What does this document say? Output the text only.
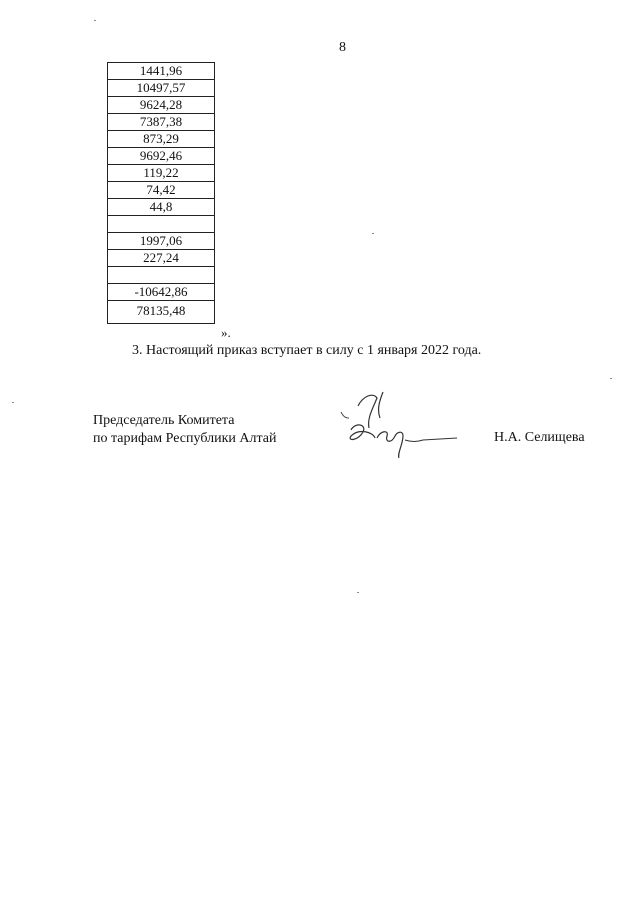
8
1441,96
10497,57
9624,28
7387,38
873,29
9692,46
119,22
74,42
44,8

1997,06
227,24

-10642,86
78135,48
».
3. Настоящий приказ вступает в силу с 1 января 2022 года.
Председатель Комитета
по тарифам Республики Алтай	Н.А. Селищева
